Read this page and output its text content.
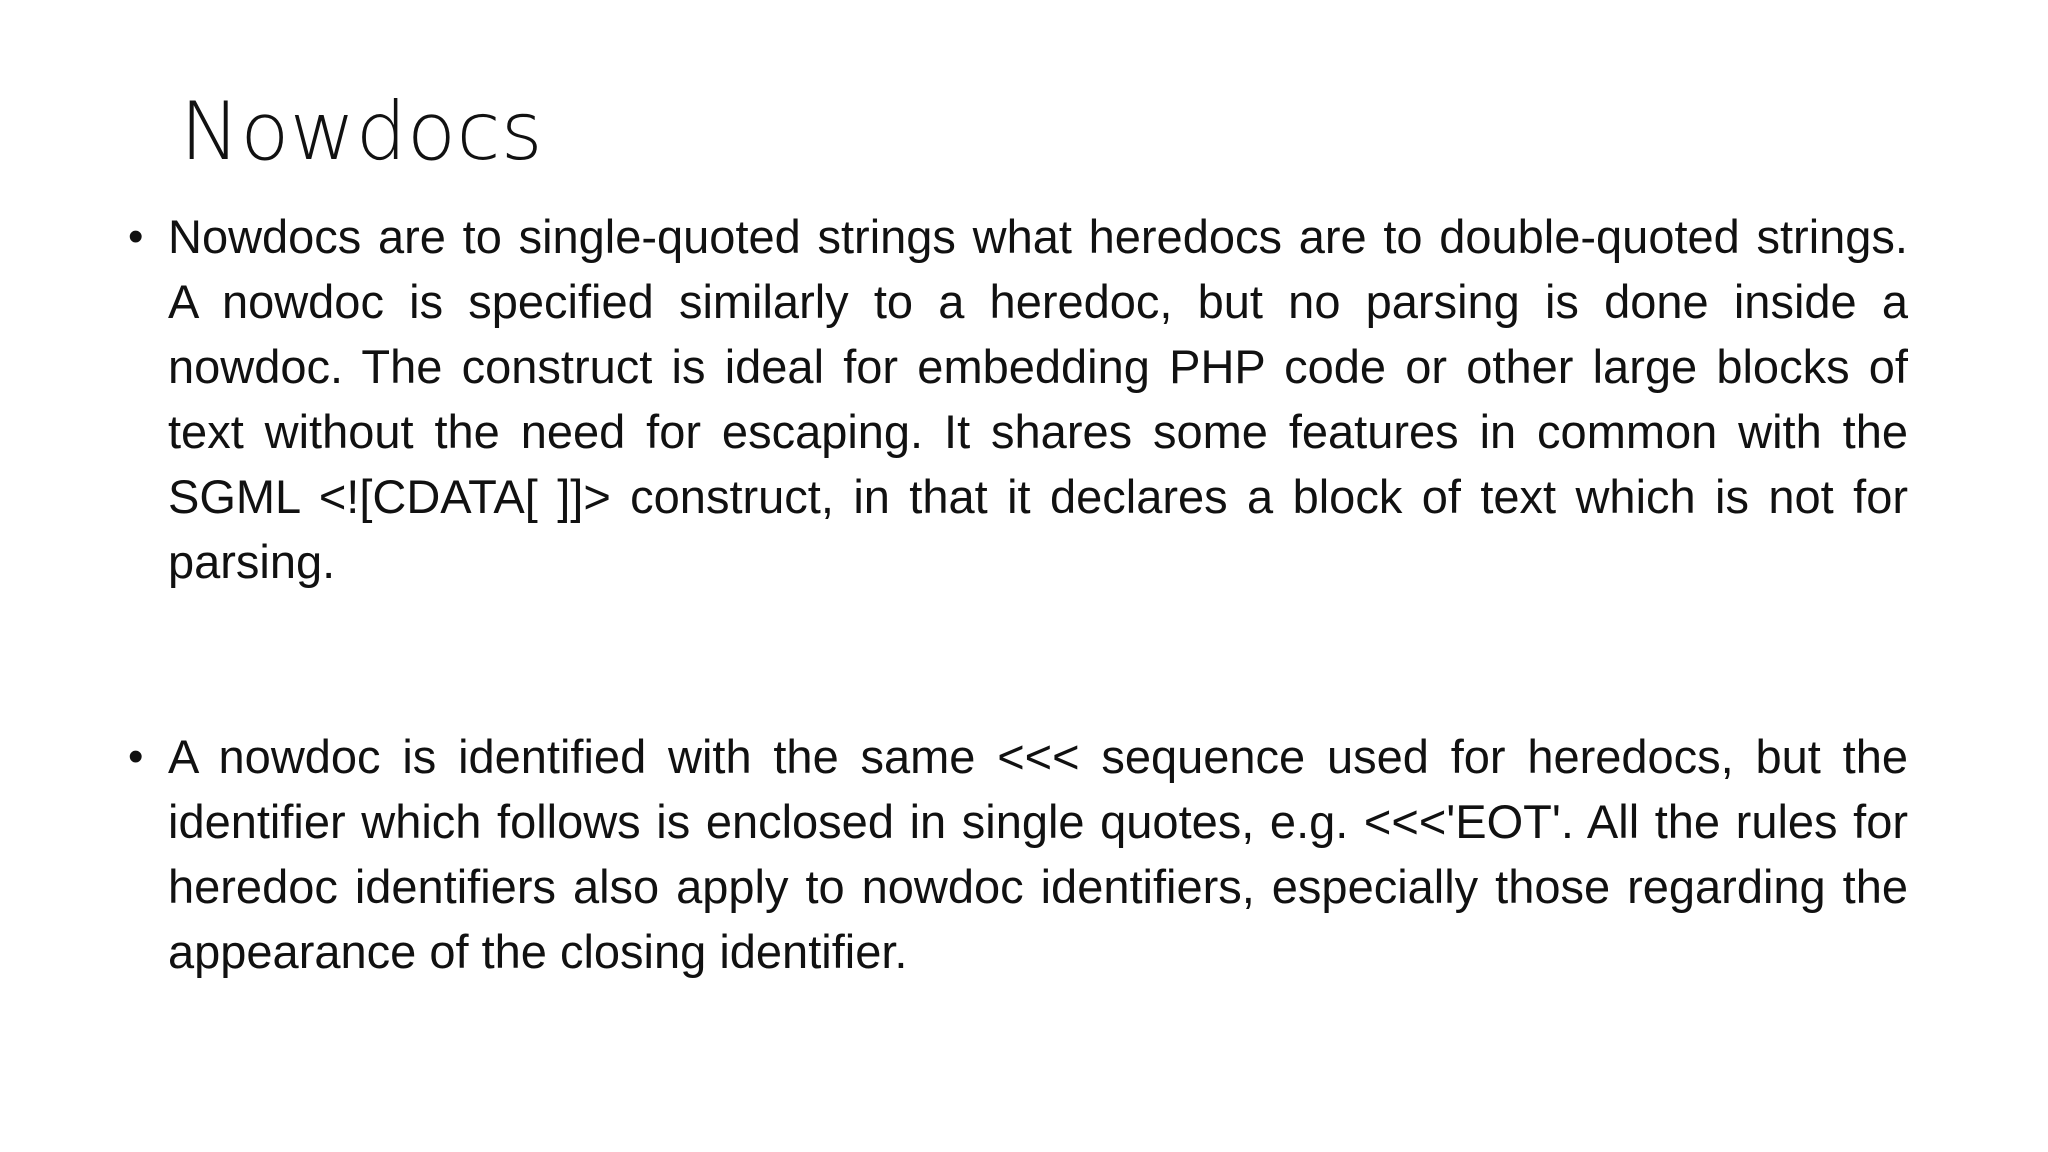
Nowdocs
• Nowdocs are to single-quoted strings what heredocs are to double-quoted strings. A nowdoc is specified similarly to a heredoc, but no parsing is done inside a nowdoc. The construct is ideal for embedding PHP code or other large blocks of text without the need for escaping. It shares some features in common with the SGML <![CDATA[ ]]> construct, in that it declares a block of text which is not for parsing.
• A nowdoc is identified with the same <<< sequence used for heredocs, but the identifier which follows is enclosed in single quotes, e.g. <<<'EOT'. All the rules for heredoc identifiers also apply to nowdoc identifiers, especially those regarding the appearance of the closing identifier.
